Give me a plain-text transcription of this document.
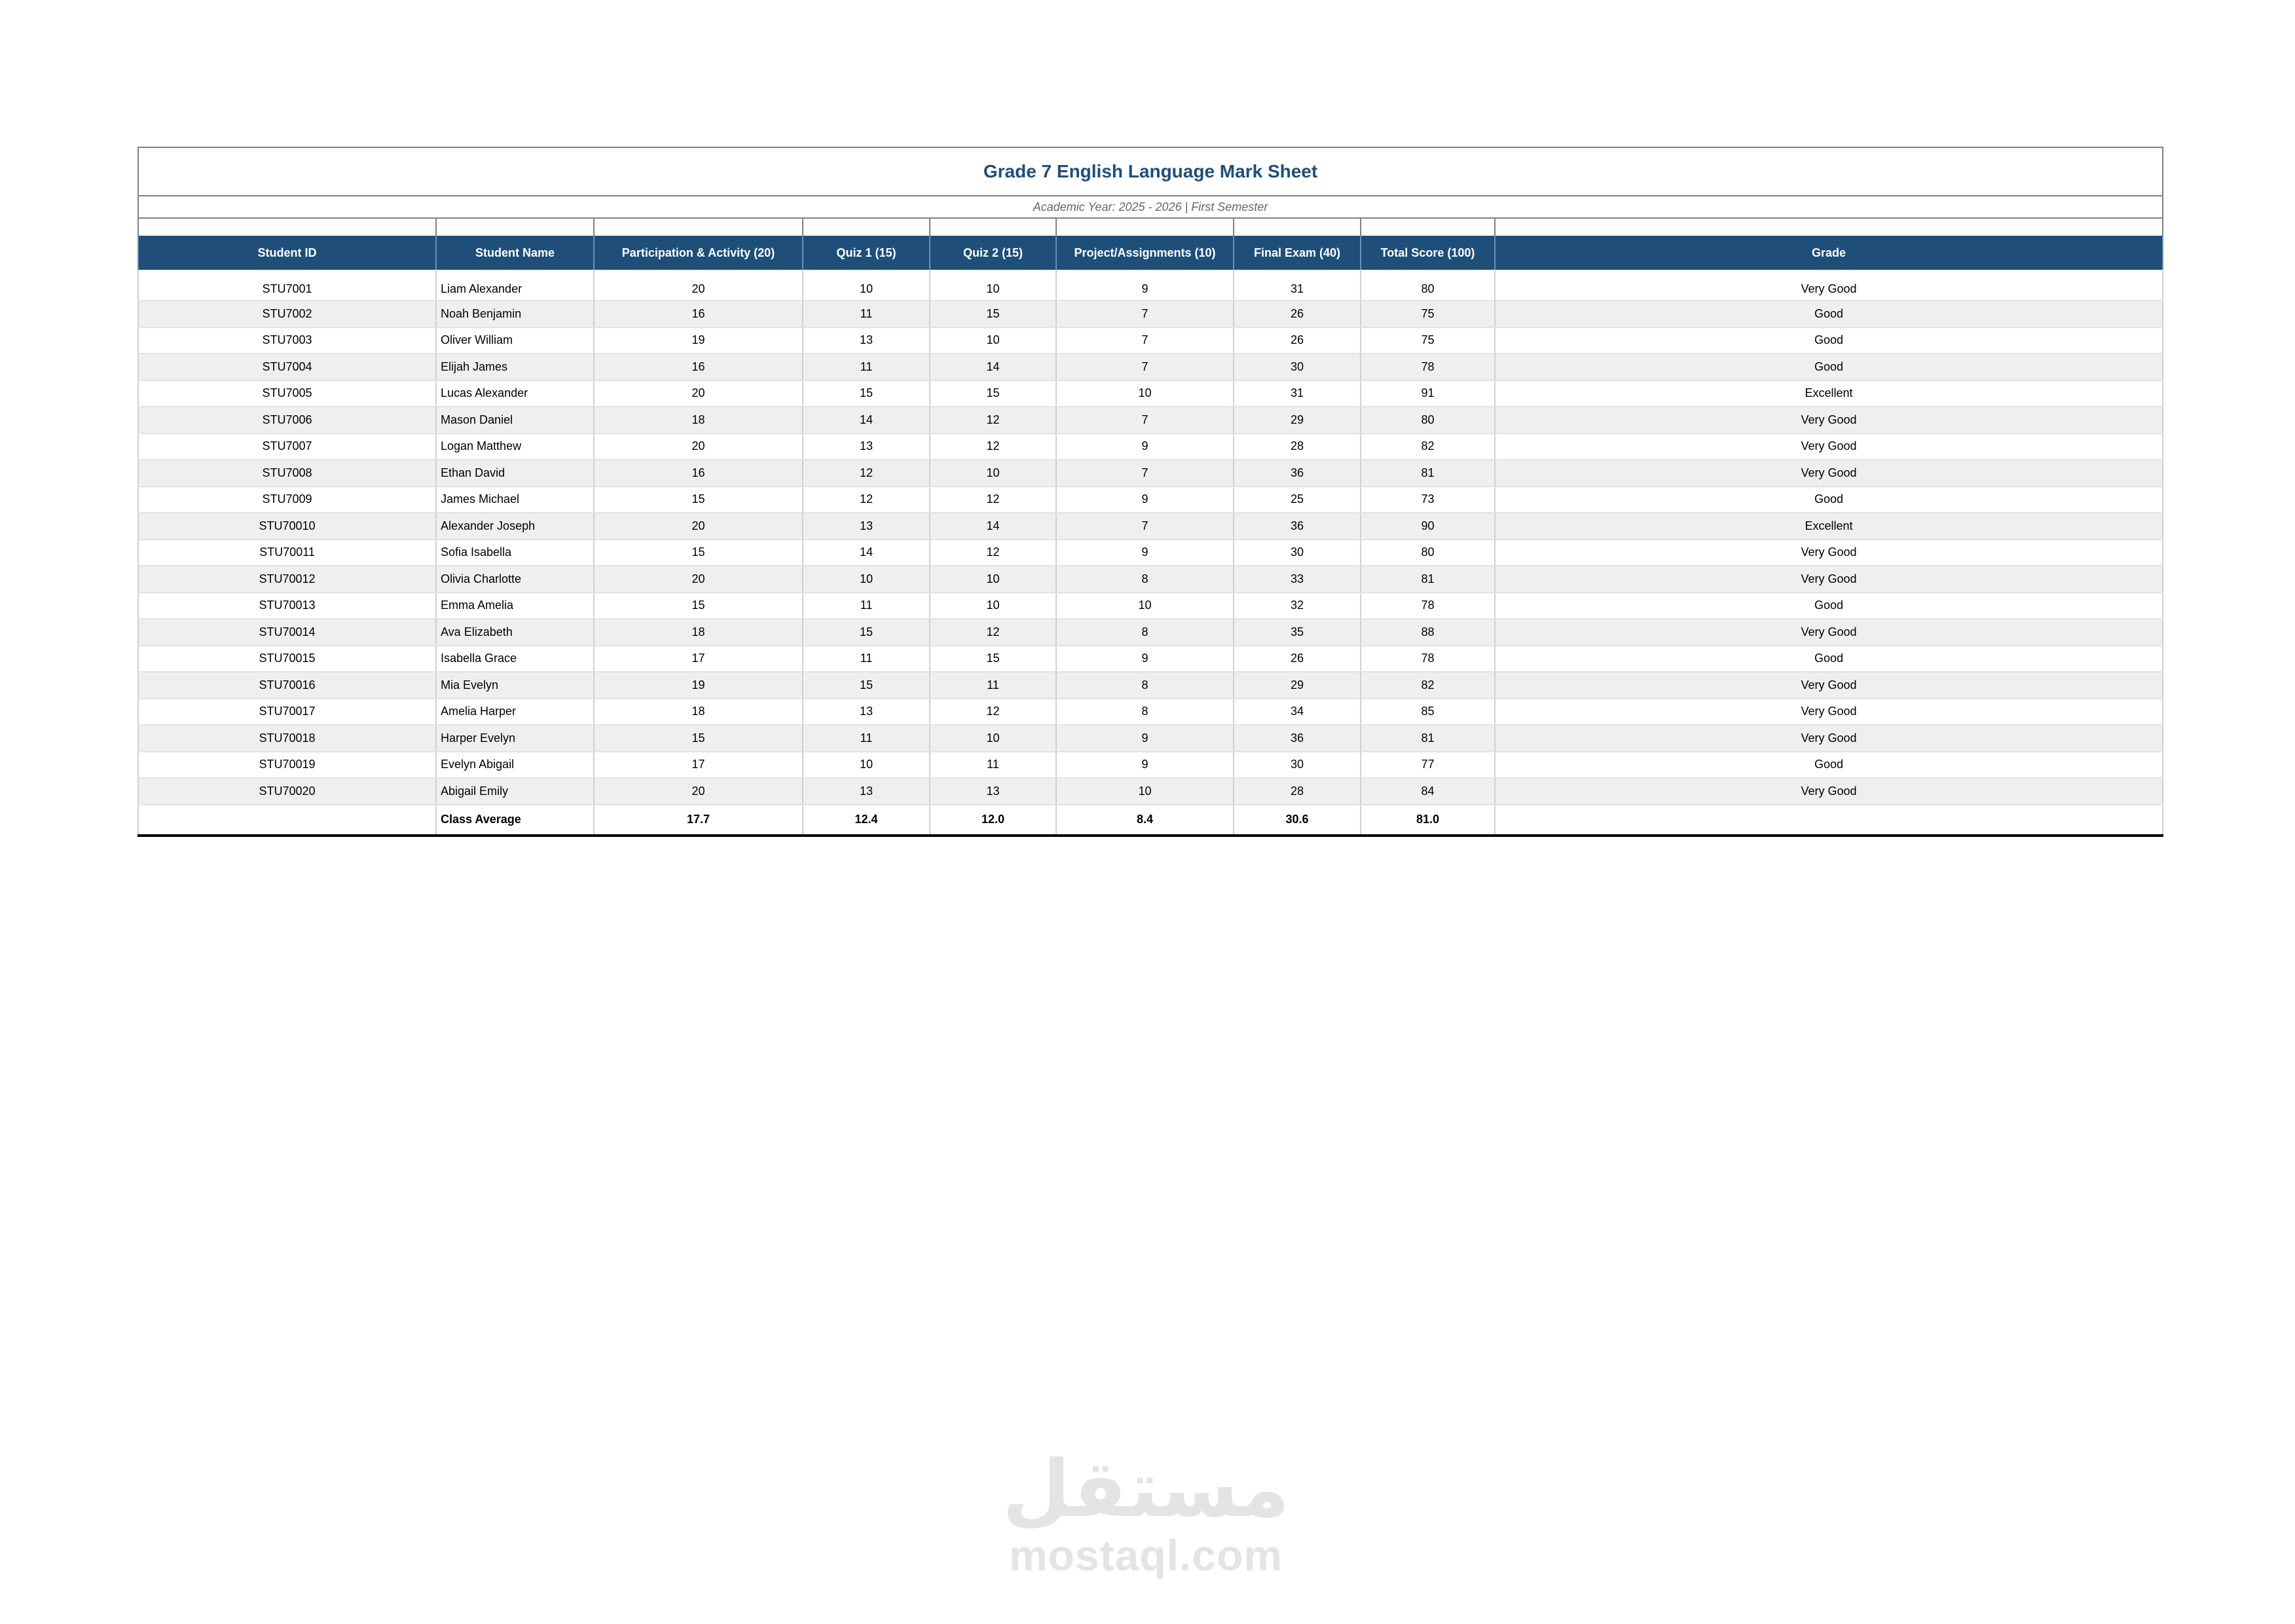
Grade 7 English Language Mark Sheet								
Academic Year: 2025 - 2026 | First Semester								

Student ID	Student Name	Participation & Activity (20)	Quiz 1 (15)	Quiz 2 (15)	Project/Assignments (10)	Final Exam (40)	Total Score (100)	Grade
STU7001	Liam Alexander	20	10	10	9	31	80	Very Good
STU7002	Noah Benjamin	16	11	15	7	26	75	Good
STU7003	Oliver William	19	13	10	7	26	75	Good
STU7004	Elijah James	16	11	14	7	30	78	Good
STU7005	Lucas Alexander	20	15	15	10	31	91	Excellent
STU7006	Mason Daniel	18	14	12	7	29	80	Very Good
STU7007	Logan Matthew	20	13	12	9	28	82	Very Good
STU7008	Ethan David	16	12	10	7	36	81	Very Good
STU7009	James Michael	15	12	12	9	25	73	Good
STU70010	Alexander Joseph	20	13	14	7	36	90	Excellent
STU70011	Sofia Isabella	15	14	12	9	30	80	Very Good
STU70012	Olivia Charlotte	20	10	10	8	33	81	Very Good
STU70013	Emma Amelia	15	11	10	10	32	78	Good
STU70014	Ava Elizabeth	18	15	12	8	35	88	Very Good
STU70015	Isabella Grace	17	11	15	9	26	78	Good
STU70016	Mia Evelyn	19	15	11	8	29	82	Very Good
STU70017	Amelia Harper	18	13	12	8	34	85	Very Good
STU70018	Harper Evelyn	15	11	10	9	36	81	Very Good
STU70019	Evelyn Abigail	17	10	11	9	30	77	Good
STU70020	Abigail Emily	20	13	13	10	28	84	Very Good
	Class Average	17.7	12.4	12.0	8.4	30.6	81.0	
مستقل
mostaql.com
